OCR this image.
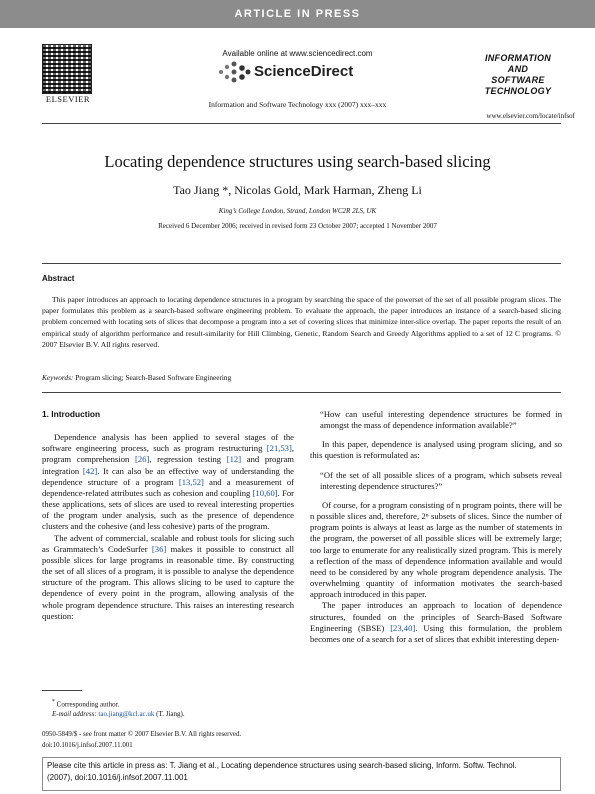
ARTICLE IN PRESS
ELSEVIER
Available online at www.sciencedirect.com
ScienceDirect
Information and Software Technology xxx (2007) xxx–xxx
INFORMATION
AND
SOFTWARE
TECHNOLOGY
www.elsevier.com/locate/infsof
Locating dependence structures using search-based slicing
Tao Jiang *, Nicolas Gold, Mark Harman, Zheng Li
King’s College London, Strand, London WC2R 2LS, UK
Received 6 December 2006; received in revised form 23 October 2007; accepted 1 November 2007
Abstract
This paper introduces an approach to locating dependence structures in a program by searching the space of the powerset of the set of all possible program slices. The paper formulates this problem as a search-based software engineering problem. To evaluate the approach, the paper introduces an instance of a search-based slicing problem concerned with locating sets of slices that decompose a program into a set of covering slices that minimize inter-slice overlap. The paper reports the result of an empirical study of algorithm performance and result-similarity for Hill Climbing, Genetic, Random Search and Greedy Algorithms applied to a set of 12 C programs. © 2007 Elsevier B.V. All rights reserved.
Keywords: Program slicing; Search-Based Software Engineering

1. Introduction

Dependence analysis has been applied to several stages of the software engineering process, such as program restructuring [21,53], program comprehension [26], regression testing [12] and program integration [42]. It can also be an effective way of understanding the dependence structure of a program [13,52] and a measurement of dependence-related attributes such as cohesion and coupling [10,60]. For these applications, sets of slices are used to reveal interesting properties of the program under analysis, such as the presence of dependence clusters and the cohesive (and less cohesive) parts of the program.

The advent of commercial, scalable and robust tools for slicing such as Grammatech’s CodeSurfer [36] makes it possible to construct all possible slices for large programs in reasonable time. By constructing the set of all slices of a program, it is possible to analyse the dependence structure of the program. This allows slicing to be used to capture the dependence of every point in the program, allowing analysis of the whole program dependence structure. This raises an interesting research question:

“How can useful interesting dependence structures be formed in amongst the mass of dependence information available?”

In this paper, dependence is analysed using program slicing, and so this question is reformulated as:

“Of the set of all possible slices of a program, which subsets reveal interesting dependence structures?”

Of course, for a program consisting of n program points, there will be n possible slices and, therefore, 2ⁿ subsets of slices. Since the number of program points is always at least as large as the number of statements in the program, the powerset of all possible slices will be extremely large; too large to enumerate for any realistically sized program. This is merely a reflection of the mass of dependence information available and would need to be considered by any whole program dependence analysis. The overwhelming quantity of information motivates the search-based approach introduced in this paper.

The paper introduces an approach to location of dependence structures, founded on the principles of Search-Based Software Engineering (SBSE) [23,40]. Using this formulation, the problem becomes one of a search for a set of slices that exhibit interesting depen-

* Corresponding author.
E-mail address: tao.jiang@kcl.ac.uk (T. Jiang).
0950-5849/$ - see front matter © 2007 Elsevier B.V. All rights reserved.
doi:10.1016/j.infsof.2007.11.001
Please cite this article in press as: T. Jiang et al., Locating dependence structures using search-based slicing, Inform. Softw. Technol.
(2007), doi:10.1016/j.infsof.2007.11.001
